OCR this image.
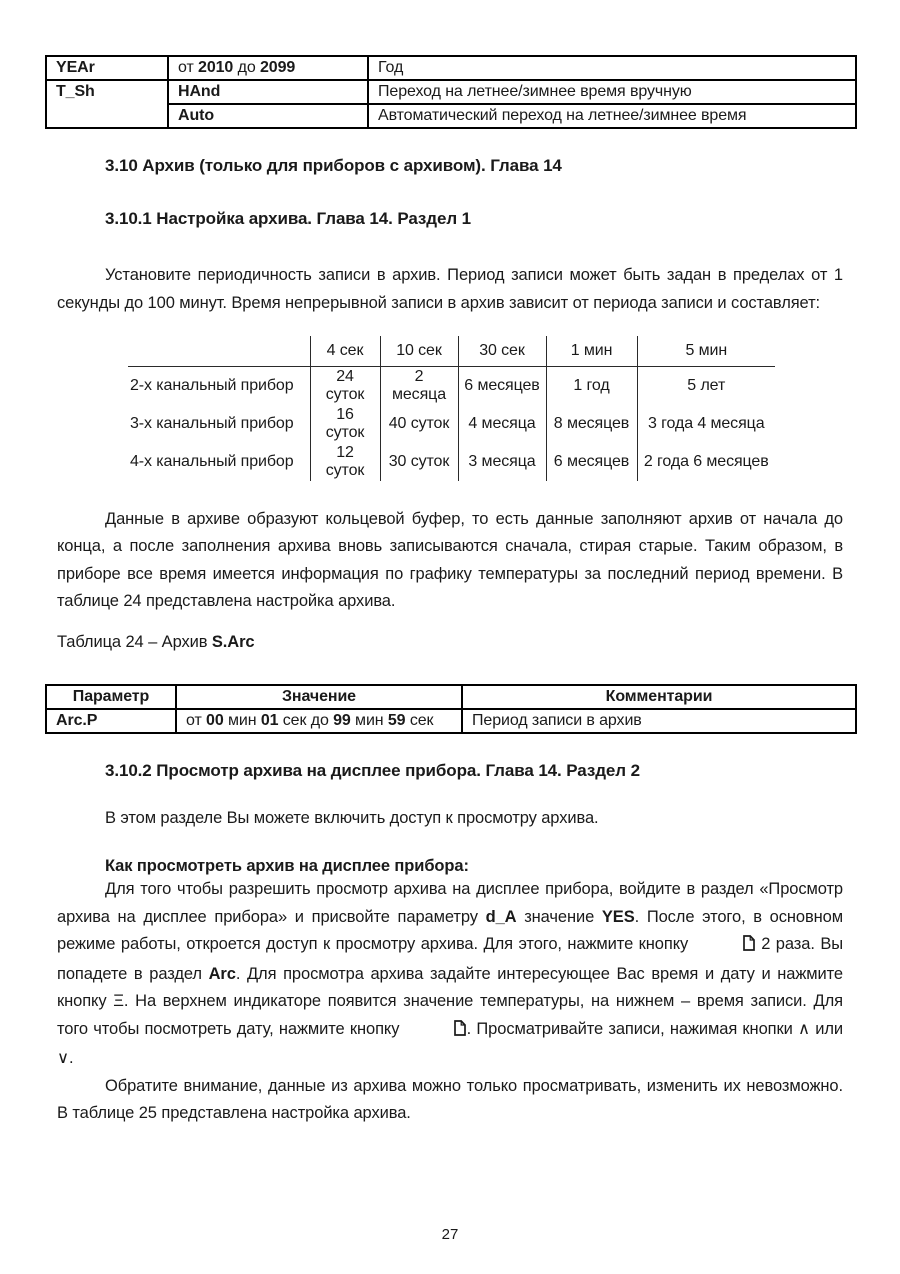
YEAr	от 2010 до 2099	Год
T_Sh	HAnd	Переход на летнее/зимнее время вручную
	Auto	Автоматический переход на летнее/зимнее время
3.10 Архив (только для приборов с архивом). Глава 14
3.10.1 Настройка архива. Глава 14. Раздел 1

Установите периодичность записи в архив. Период записи может быть задан в пределах от 1 секунды до 100 минут. Время непрерывной записи в архив зависит от периода записи и составляет:

	4 сек	10 сек	30 сек	1 мин	5 мин
2-х канальный прибор	24 суток	2 месяца	6 месяцев	1 год	5 лет
3-х канальный прибор	16 суток	40 суток	4 месяца	8 месяцев	3 года 4 месяца
4-х канальный прибор	12 суток	30 суток	3 месяца	6 месяцев	2 года 6 месяцев

Данные в архиве образуют кольцевой буфер, то есть данные заполняют архив от начала до конца, а после заполнения архива вновь записываются сначала, стирая старые. Таким образом, в приборе все время имеется информация по графику температуры за последний период времени. В таблице 24 представлена настройка архива.

Таблица 24 – Архив S.Arc
Параметр	Значение	Комментарии
Arc.P	от 00 мин 01 сек до 99 мин 59 сек	Период записи в архив
3.10.2 Просмотр архива на дисплее прибора. Глава 14. Раздел 2

В этом разделе Вы можете включить доступ к просмотру архива.

Как просмотреть архив на дисплее прибора:

Для того чтобы разрешить просмотр архива на дисплее прибора, войдите в раздел «Просмотр архива на дисплее прибора» и присвойте параметру d_A значение YES. После этого, в основном режиме работы, откроется доступ к просмотру архива. Для этого, нажмите кнопку	2 раза. Вы попадете в раздел Arc. Для просмотра архива задайте интересующее Вас время и дату и нажмите кнопку Ξ. На верхнем индикаторе появится значение температуры, на нижнем – время записи. Для того чтобы посмотреть дату, нажмите кнопку	. Просматривайте записи, нажимая кнопки ∧ или ∨.

Обратите внимание, данные из архива можно только просматривать, изменить их невозможно. В таблице 25 представлена настройка архива.

27
